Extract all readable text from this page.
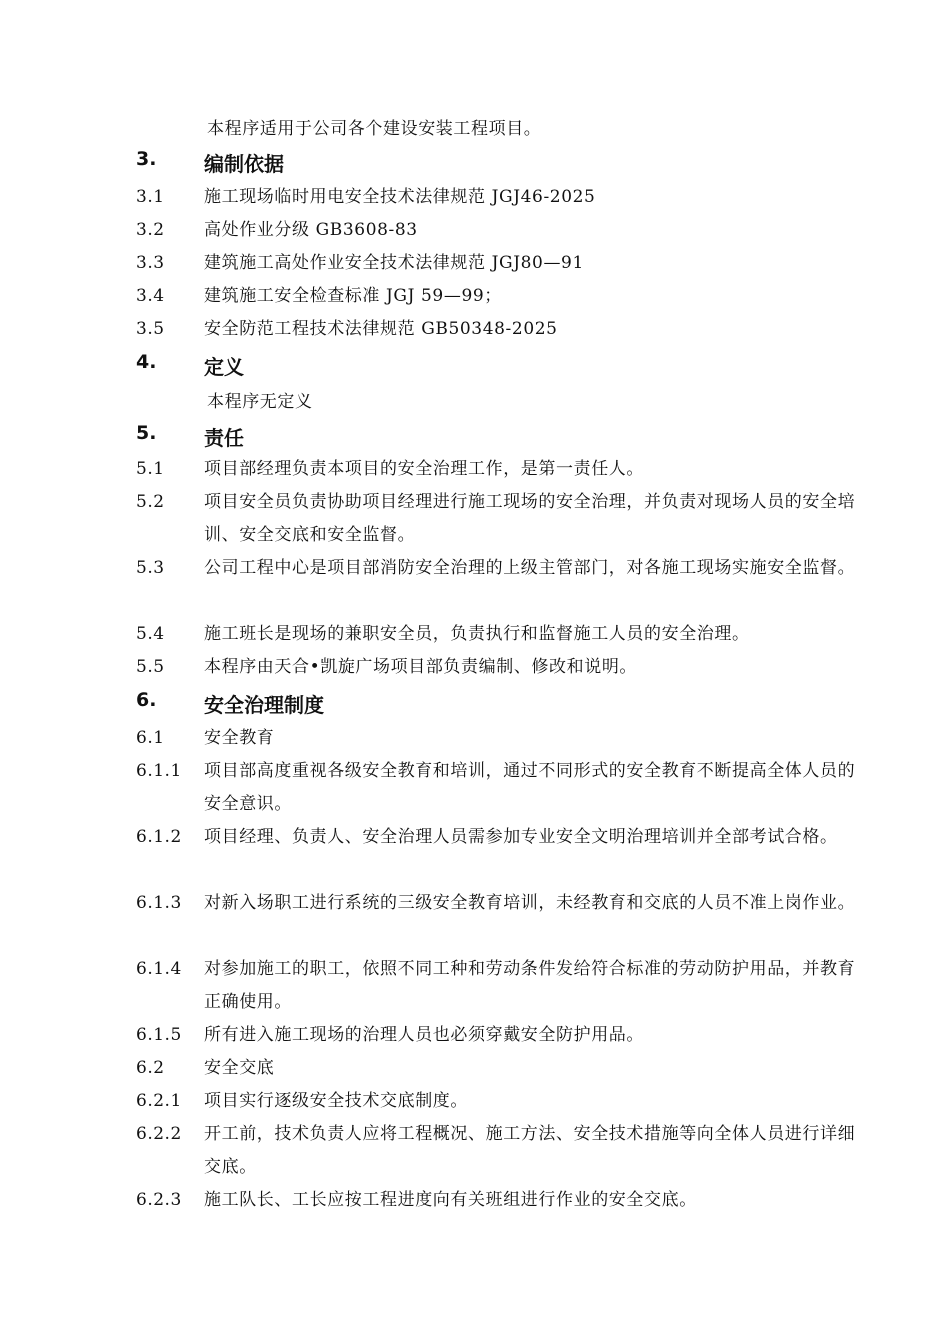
本程序适用于公司各个建设安装工程项目。
3. 编制依据
3.1 施工现场临时用电安全技术法律规范 JGJ46-2025
3.2 高处作业分级 GB3608-83
3.3 建筑施工高处作业安全技术法律规范 JGJ80—91
3.4 建筑施工安全检查标准 JGJ 59—99；
3.5 安全防范工程技术法律规范 GB50348-2025
4. 定义
本程序无定义
5. 责任
5.1 项目部经理负责本项目的安全治理工作，是第一责任人。
5.2 项目安全员负责协助项目经理进行施工现场的安全治理，并负责对现场人员的安全培训、安全交底和安全监督。
5.3 公司工程中心是项目部消防安全治理的上级主管部门，对各施工现场实施安全监督。
5.4 施工班长是现场的兼职安全员，负责执行和监督施工人员的安全治理。
5.5 本程序由天合•凯旋广场项目部负责编制、修改和说明。
6. 安全治理制度
6.1 安全教育
6.1.1 项目部高度重视各级安全教育和培训，通过不同形式的安全教育不断提高全体人员的安全意识。
6.1.2 项目经理、负责人、安全治理人员需参加专业安全文明治理培训并全部考试合格。
6.1.3 对新入场职工进行系统的三级安全教育培训，未经教育和交底的人员不准上岗作业。
6.1.4 对参加施工的职工，依照不同工种和劳动条件发给符合标准的劳动防护用品，并教育正确使用。
6.1.5 所有进入施工现场的治理人员也必须穿戴安全防护用品。
6.2 安全交底
6.2.1 项目实行逐级安全技术交底制度。
6.2.2 开工前，技术负责人应将工程概况、施工方法、安全技术措施等向全体人员进行详细交底。
6.2.3 施工队长、工长应按工程进度向有关班组进行作业的安全交底。
